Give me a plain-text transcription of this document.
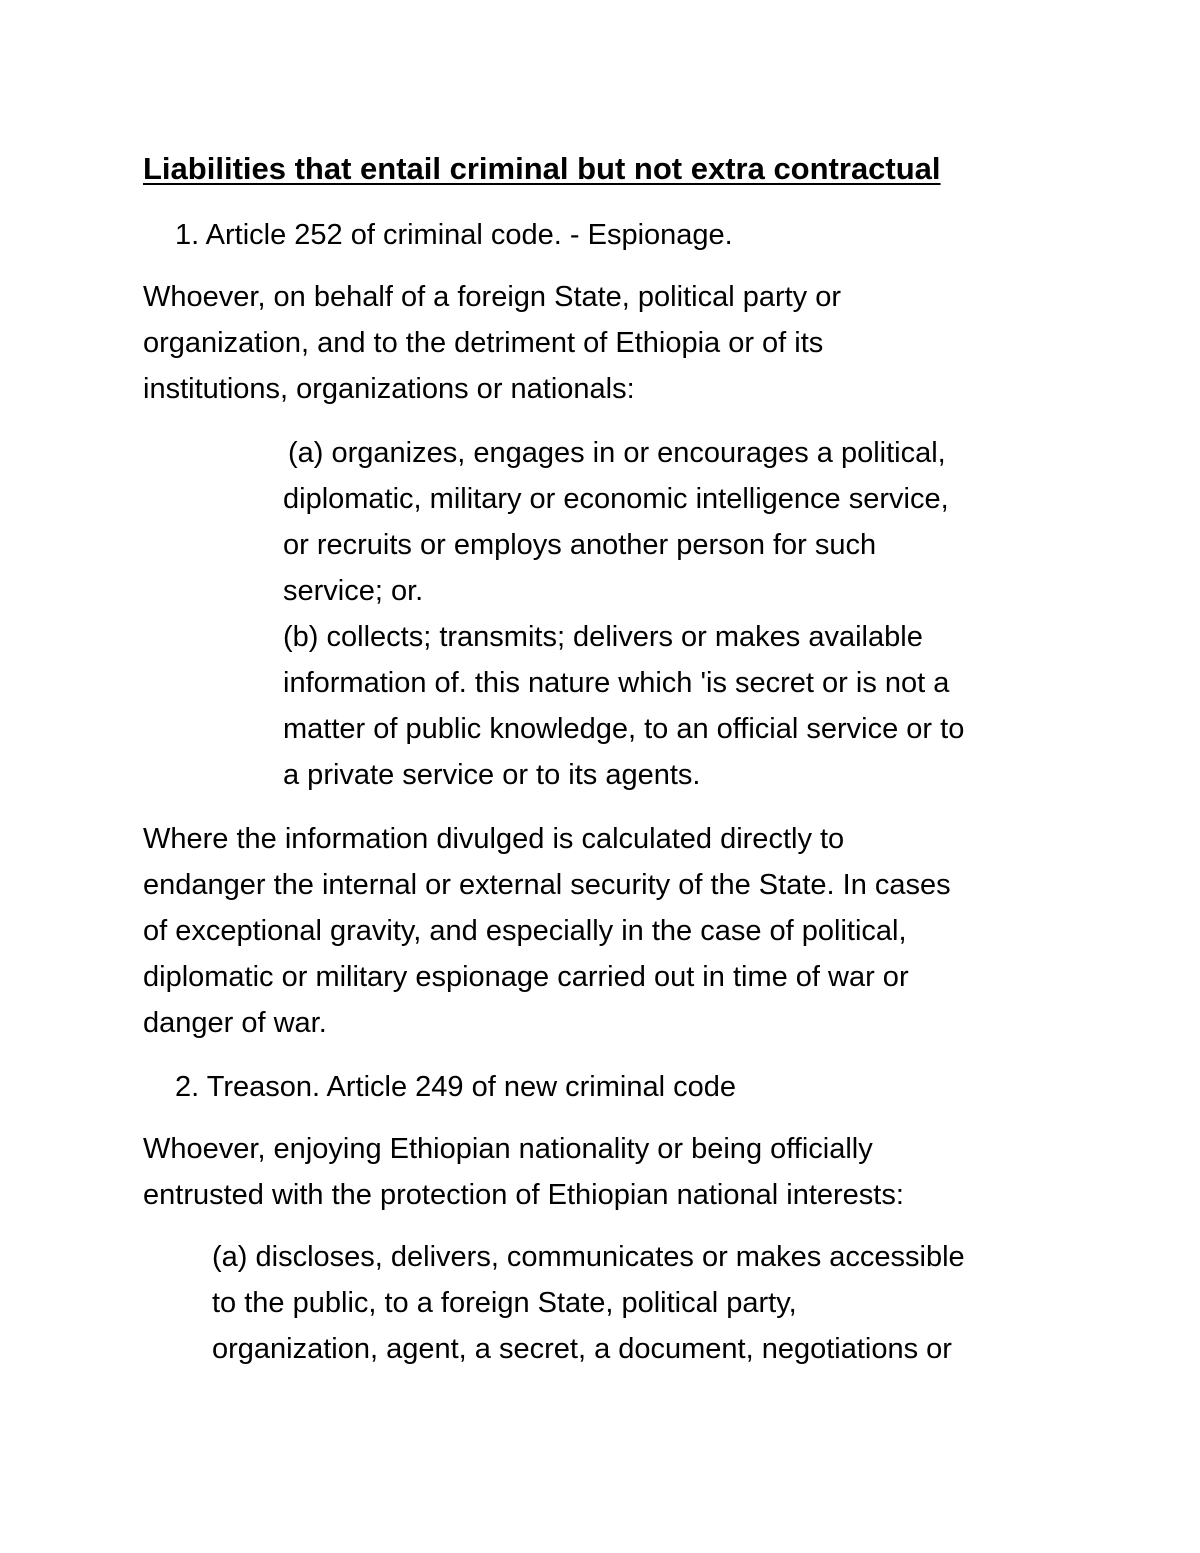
Liabilities that entail criminal but not extra contractual
1. Article 252 of criminal code. - Espionage.
Whoever, on behalf of a foreign State, political party or
organization, and to the detriment of Ethiopia or of its
institutions, organizations or nationals:
(a) organizes, engages in or encourages a political,
diplomatic, military or economic intelligence service,
or recruits or employs another person for such
service; or.
(b) collects; transmits; delivers or makes available
information of. this nature which 'is secret or is not a
matter of public knowledge, to an official service or to
a private service or to its agents.
Where the information divulged is calculated directly to
endanger the internal or external security of the State. In cases
of exceptional gravity, and especially in the case of political,
diplomatic or military espionage carried out in time of war or
danger of war.
2. Treason. Article 249 of new criminal code
Whoever, enjoying Ethiopian nationality or being officially
entrusted with the protection of Ethiopian national interests:
(a) discloses, delivers, communicates or makes accessible
to the public, to a foreign State, political party,
organization, agent, a secret, a document, negotiations or
